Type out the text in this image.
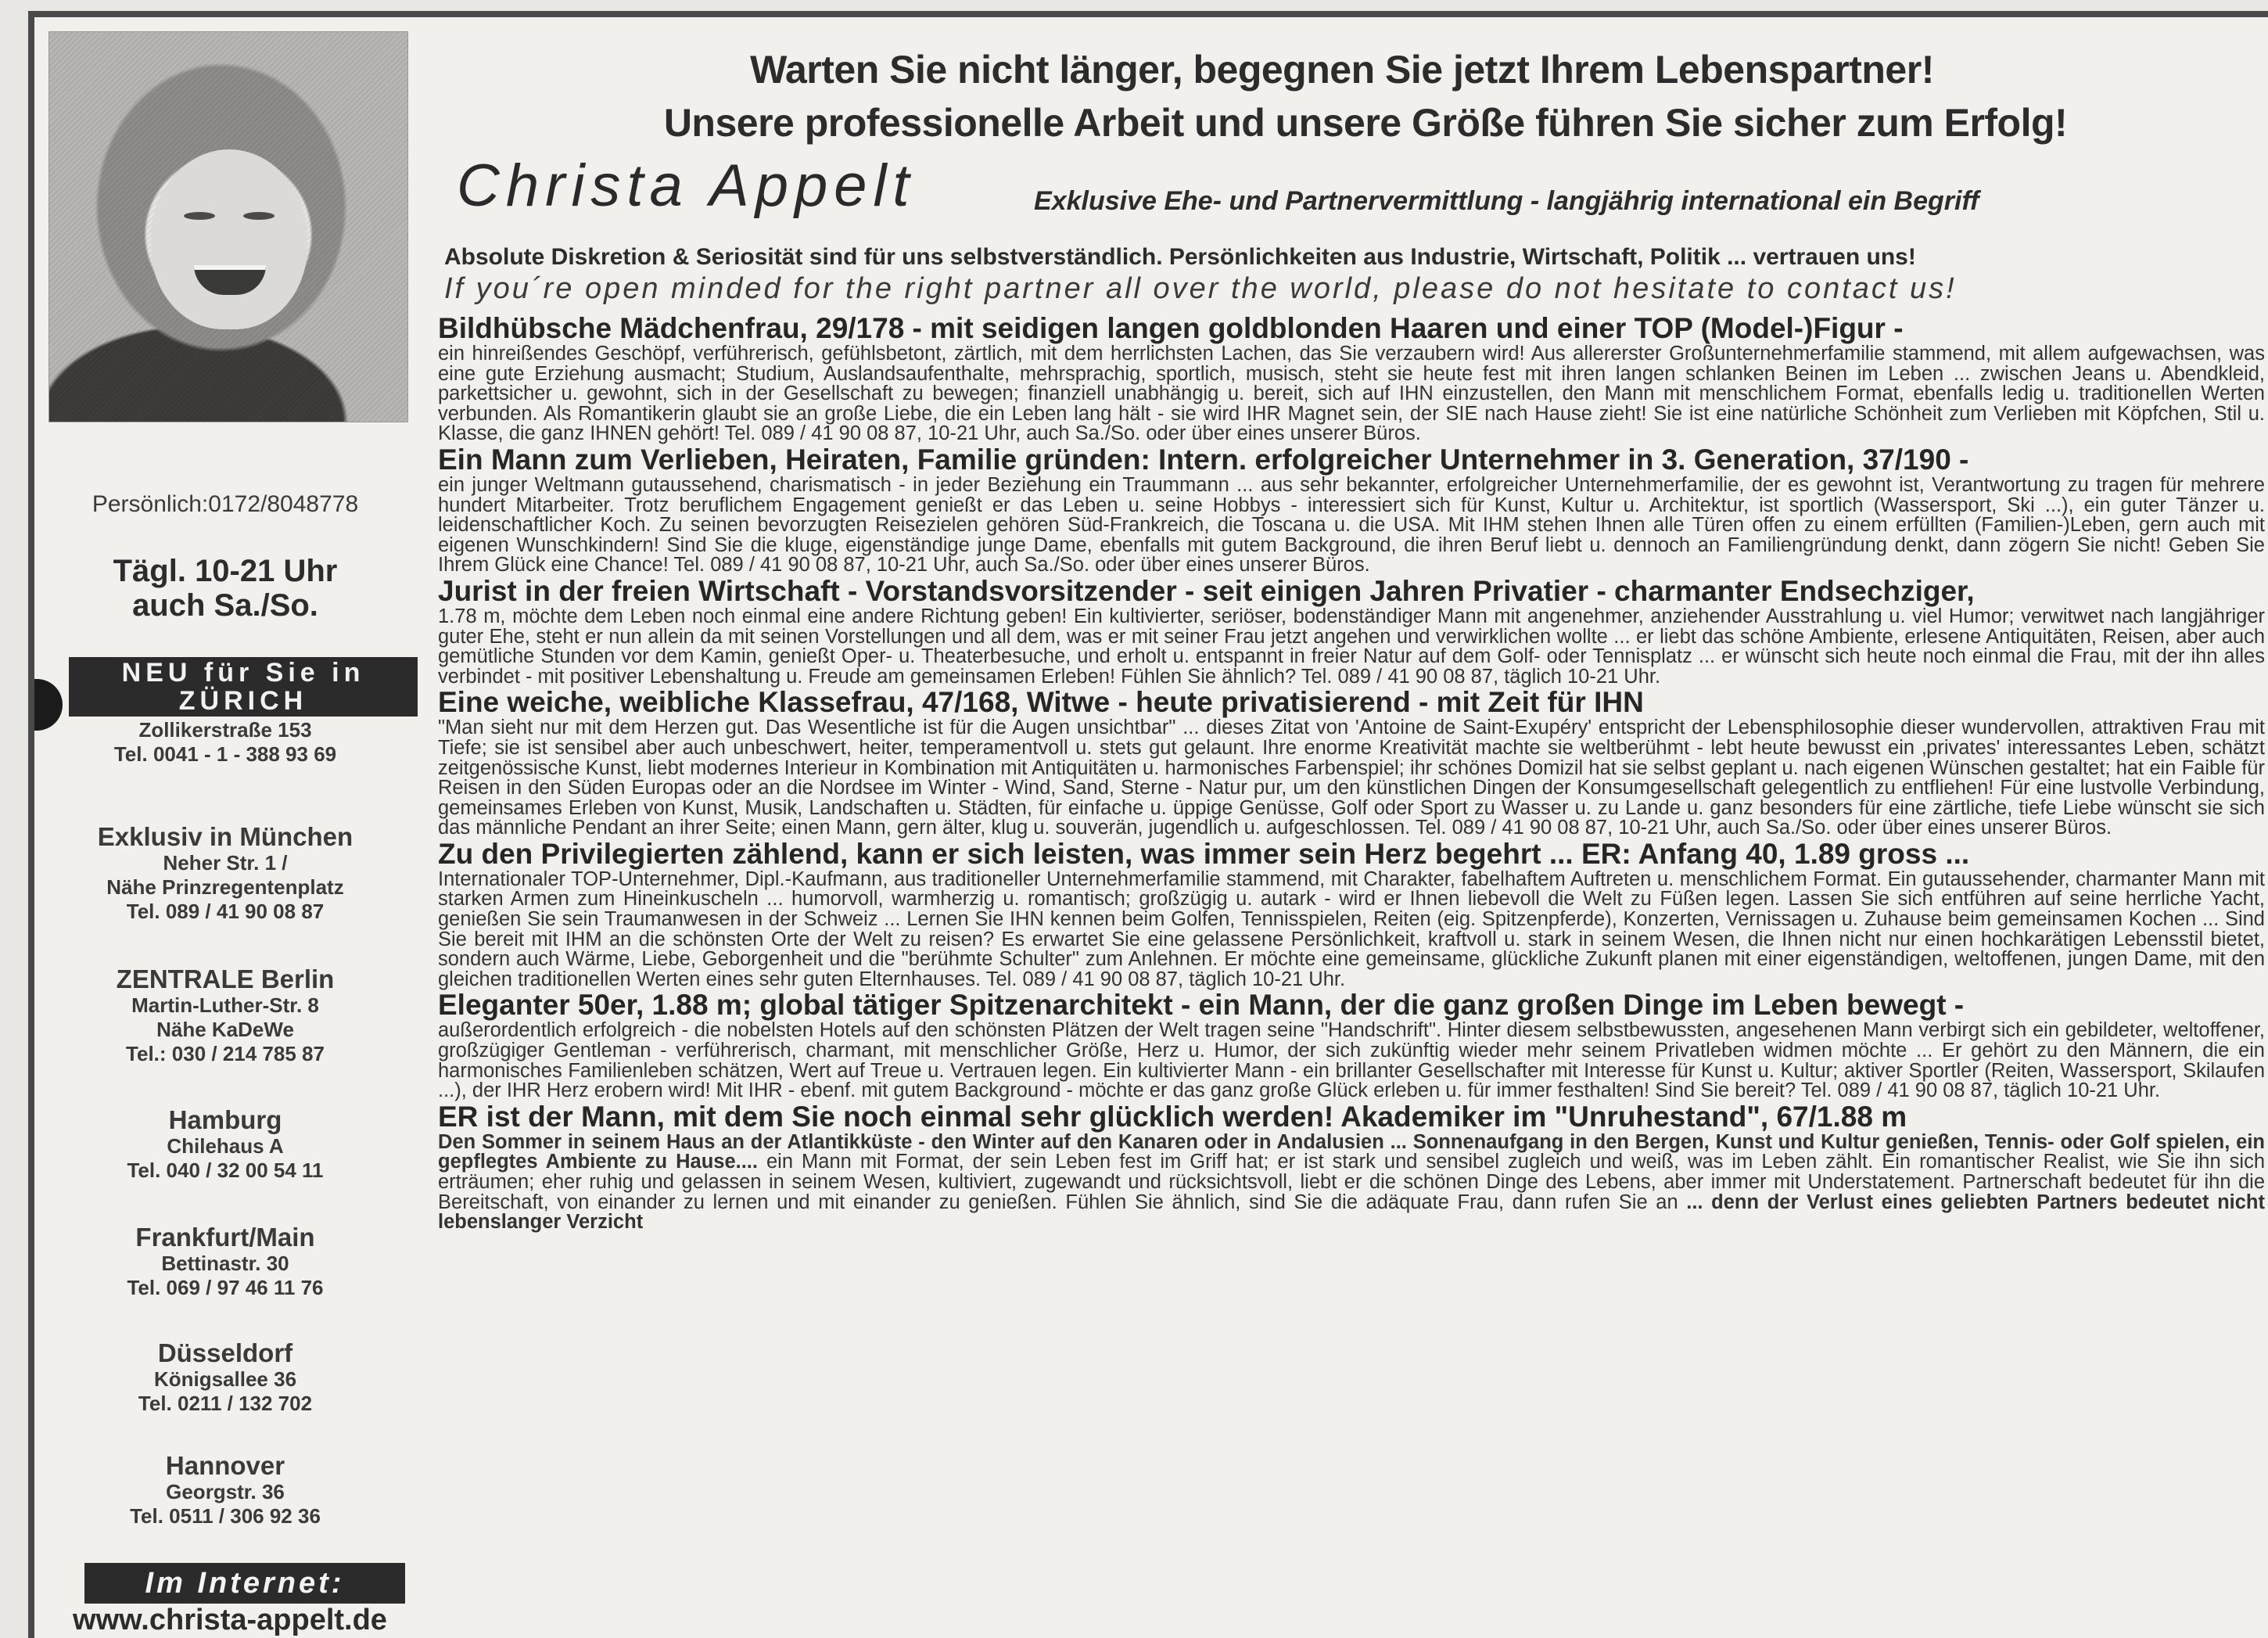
Persönlich:0172/8048778
Tägl. 10-21 Uhr
auch Sa./So.
NEU für Sie in
ZÜRICH
Zollikerstraße 153
Tel. 0041 - 1 - 388 93 69
Exklusiv in München
Neher Str. 1 /
Nähe Prinzregentenplatz
Tel. 089 / 41 90 08 87
ZENTRALE Berlin
Martin-Luther-Str. 8
Nähe KaDeWe
Tel.: 030 / 214 785 87
Hamburg
Chilehaus A
Tel. 040 / 32 00 54 11
Frankfurt/Main
Bettinastr. 30
Tel. 069 / 97 46 11 76
Düsseldorf
Königsallee 36
Tel. 0211 / 132 702
Hannover
Georgstr. 36
Tel. 0511 / 306 92 36
Im Internet:
www.christa-appelt.de
Warten Sie nicht länger, begegnen Sie jetzt Ihrem Lebenspartner!
Unsere professionelle Arbeit und unsere Größe führen Sie sicher zum Erfolg!
Christa Appelt	Exklusive Ehe- und Partnervermittlung - langjährig international ein Begriff
Absolute Diskretion & Seriosität sind für uns selbstverständlich. Persönlichkeiten aus Industrie, Wirtschaft, Politik ... vertrauen uns!
If you´re open minded for the right partner all over the world, please do not hesitate to contact us!
Bildhübsche Mädchenfrau, 29/178 - mit seidigen langen goldblonden Haaren und einer TOP (Model-)Figur -
ein hinreißendes Geschöpf, verführerisch, gefühlsbetont, zärtlich, mit dem herrlichsten Lachen, das Sie verzaubern wird! Aus allererster Großunternehmerfamilie stammend, mit allem aufgewachsen, was eine gute Erziehung ausmacht; Studium, Auslandsaufenthalte, mehrsprachig, sportlich, musisch, steht sie heute fest mit ihren langen schlanken Beinen im Leben ... zwischen Jeans u. Abendkleid, parkettsicher u. gewohnt, sich in der Gesellschaft zu bewegen; finanziell unabhängig u. bereit, sich auf IHN einzustellen, den Mann mit menschlichem Format, ebenfalls ledig u. traditionellen Werten verbunden. Als Romantikerin glaubt sie an große Liebe, die ein Leben lang hält - sie wird IHR Magnet sein, der SIE nach Hause zieht! Sie ist eine natürliche Schönheit zum Verlieben mit Köpfchen, Stil u. Klasse, die ganz IHNEN gehört! Tel. 089 / 41 90 08 87, 10-21 Uhr, auch Sa./So. oder über eines unserer Büros.
Ein Mann zum Verlieben, Heiraten, Familie gründen: Intern. erfolgreicher Unternehmer in 3. Generation, 37/190 -
ein junger Weltmann gutaussehend, charismatisch - in jeder Beziehung ein Traummann ... aus sehr bekannter, erfolgreicher Unternehmerfamilie, der es gewohnt ist, Verantwortung zu tragen für mehrere hundert Mitarbeiter. Trotz beruflichem Engagement genießt er das Leben u. seine Hobbys - interessiert sich für Kunst, Kultur u. Architektur, ist sportlich (Wassersport, Ski ...), ein guter Tänzer u. leidenschaftlicher Koch. Zu seinen bevorzugten Reisezielen gehören Süd-Frankreich, die Toscana u. die USA. Mit IHM stehen Ihnen alle Türen offen zu einem erfüllten (Familien-)Leben, gern auch mit eigenen Wunschkindern! Sind Sie die kluge, eigenständige junge Dame, ebenfalls mit gutem Background, die ihren Beruf liebt u. dennoch an Familiengründung denkt, dann zögern Sie nicht! Geben Sie Ihrem Glück eine Chance! Tel. 089 / 41 90 08 87, 10-21 Uhr, auch Sa./So. oder über eines unserer Büros.
Jurist in der freien Wirtschaft - Vorstandsvorsitzender - seit einigen Jahren Privatier - charmanter Endsechziger,
1.78 m, möchte dem Leben noch einmal eine andere Richtung geben! Ein kultivierter, seriöser, bodenständiger Mann mit angenehmer, anziehender Ausstrahlung u. viel Humor; verwitwet nach langjähriger guter Ehe, steht er nun allein da mit seinen Vorstellungen und all dem, was er mit seiner Frau jetzt angehen und verwirklichen wollte ... er liebt das schöne Ambiente, erlesene Antiquitäten, Reisen, aber auch gemütliche Stunden vor dem Kamin, genießt Oper- u. Theaterbesuche, und erholt u. entspannt in freier Natur auf dem Golf- oder Tennisplatz ... er wünscht sich heute noch einmal die Frau, mit der ihn alles verbindet - mit positiver Lebenshaltung u. Freude am gemeinsamen Erleben! Fühlen Sie ähnlich? Tel. 089 / 41 90 08 87, täglich 10-21 Uhr.
Eine weiche, weibliche Klassefrau, 47/168, Witwe - heute privatisierend - mit Zeit für IHN
"Man sieht nur mit dem Herzen gut. Das Wesentliche ist für die Augen unsichtbar" ... dieses Zitat von 'Antoine de Saint-Exupéry' entspricht der Lebensphilosophie dieser wundervollen, attraktiven Frau mit Tiefe; sie ist sensibel aber auch unbeschwert, heiter, temperamentvoll u. stets gut gelaunt. Ihre enorme Kreativität machte sie weltberühmt - lebt heute bewusst ein ‚privates' interessantes Leben, schätzt zeitgenössische Kunst, liebt modernes Interieur in Kombination mit Antiquitäten u. harmonisches Farbenspiel; ihr schönes Domizil hat sie selbst geplant u. nach eigenen Wünschen gestaltet; hat ein Faible für Reisen in den Süden Europas oder an die Nordsee im Winter - Wind, Sand, Sterne - Natur pur, um den künstlichen Dingen der Konsumgesellschaft gelegentlich zu entfliehen! Für eine lustvolle Verbindung, gemeinsames Erleben von Kunst, Musik, Landschaften u. Städten, für einfache u. üppige Genüsse, Golf oder Sport zu Wasser u. zu Lande u. ganz besonders für eine zärtliche, tiefe Liebe wünscht sie sich das männliche Pendant an ihrer Seite; einen Mann, gern älter, klug u. souverän, jugendlich u. aufgeschlossen. Tel. 089 / 41 90 08 87, 10-21 Uhr, auch Sa./So. oder über eines unserer Büros.
Zu den Privilegierten zählend, kann er sich leisten, was immer sein Herz begehrt ... ER: Anfang 40, 1.89 gross ...
Internationaler TOP-Unternehmer, Dipl.-Kaufmann, aus traditioneller Unternehmerfamilie stammend, mit Charakter, fabelhaftem Auftreten u. menschlichem Format. Ein gutaussehender, charmanter Mann mit starken Armen zum Hineinkuscheln ... humorvoll, warmherzig u. romantisch; großzügig u. autark - wird er Ihnen liebevoll die Welt zu Füßen legen. Lassen Sie sich entführen auf seine herrliche Yacht, genießen Sie sein Traumanwesen in der Schweiz ... Lernen Sie IHN kennen beim Golfen, Tennisspielen, Reiten (eig. Spitzenpferde), Konzerten, Vernissagen u. Zuhause beim gemeinsamen Kochen ... Sind Sie bereit mit IHM an die schönsten Orte der Welt zu reisen? Es erwartet Sie eine gelassene Persönlichkeit, kraftvoll u. stark in seinem Wesen, die Ihnen nicht nur einen hochkarätigen Lebensstil bietet, sondern auch Wärme, Liebe, Geborgenheit und die "berühmte Schulter" zum Anlehnen. Er möchte eine gemeinsame, glückliche Zukunft planen mit einer eigenständigen, weltoffenen, jungen Dame, mit den gleichen traditionellen Werten eines sehr guten Elternhauses. Tel. 089 / 41 90 08 87, täglich 10-21 Uhr.
Eleganter 50er, 1.88 m; global tätiger Spitzenarchitekt - ein Mann, der die ganz großen Dinge im Leben bewegt -
außerordentlich erfolgreich - die nobelsten Hotels auf den schönsten Plätzen der Welt tragen seine "Handschrift". Hinter diesem selbstbewussten, angesehenen Mann verbirgt sich ein gebildeter, weltoffener, großzügiger Gentleman - verführerisch, charmant, mit menschlicher Größe, Herz u. Humor, der sich zukünftig wieder mehr seinem Privatleben widmen möchte ... Er gehört zu den Männern, die ein harmonisches Familienleben schätzen, Wert auf Treue u. Vertrauen legen. Ein kultivierter Mann - ein brillanter Gesellschafter mit Interesse für Kunst u. Kultur; aktiver Sportler (Reiten, Wassersport, Skilaufen ...), der IHR Herz erobern wird! Mit IHR - ebenf. mit gutem Background - möchte er das ganz große Glück erleben u. für immer festhalten! Sind Sie bereit? Tel. 089 / 41 90 08 87, täglich 10-21 Uhr.
ER ist der Mann, mit dem Sie noch einmal sehr glücklich werden! Akademiker im "Unruhestand", 67/1.88 m
Den Sommer in seinem Haus an der Atlantikküste - den Winter auf den Kanaren oder in Andalusien ... Sonnenaufgang in den Bergen, Kunst und Kultur genießen, Tennis- oder Golf spielen, ein gepflegtes Ambiente zu Hause.... ein Mann mit Format, der sein Leben fest im Griff hat; er ist stark und sensibel zugleich und weiß, was im Leben zählt. Ein romantischer Realist, wie Sie ihn sich erträumen; eher ruhig und gelassen in seinem Wesen, kultiviert, zugewandt und rücksichtsvoll, liebt er die schönen Dinge des Lebens, aber immer mit Understatement. Partnerschaft bedeutet für ihn die Bereitschaft, von einander zu lernen und mit einander zu genießen. Fühlen Sie ähnlich, sind Sie die adäquate Frau, dann rufen Sie an ... denn der Verlust eines geliebten Partners bedeutet nicht lebenslanger Verzicht
